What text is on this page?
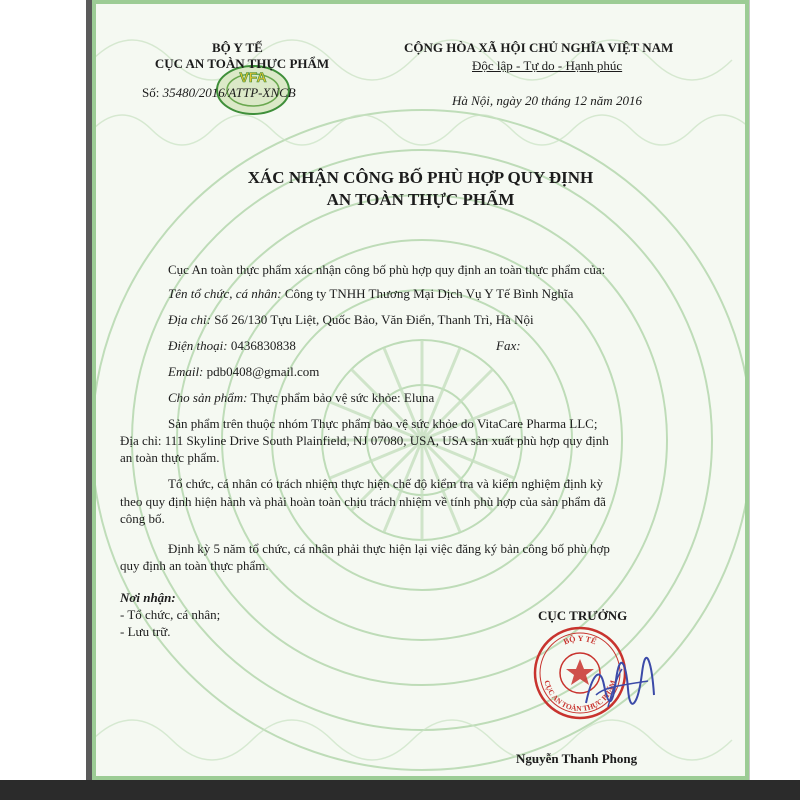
VFA
BỘ Y TẾ
CỤC AN TOÀN THỰC PHẨM
Số: 35480/2016/ATTP-XNCB
CỘNG HÒA XÃ HỘI CHỦ NGHĨA VIỆT NAM
Độc lập - Tự do - Hạnh phúc
Hà Nội, ngày 20 tháng 12 năm 2016
XÁC NHẬN CÔNG BỐ PHÙ HỢP QUY ĐỊNH
AN TOÀN THỰC PHẨM
Cục An toàn thực phẩm xác nhận công bố phù hợp quy định an toàn thực phẩm của:
Tên tổ chức, cá nhân: Công ty TNHH Thương Mại Dịch Vụ Y Tế Bình Nghĩa
Địa chỉ: Số 26/130 Tựu Liệt, Quốc Bảo, Văn Điển, Thanh Trì, Hà Nội
Điện thoại: 0436830838	Fax:
Email: pdb0408@gmail.com
Cho sản phẩm: Thực phẩm bảo vệ sức khỏe: Eluna
Sản phẩm trên thuộc nhóm Thực phẩm bảo vệ sức khỏe do VitaCare Pharma LLC;
Địa chỉ: 111 Skyline Drive South Plainfield, NJ 07080, USA, USA sản xuất phù hợp quy định
an toàn thực phẩm.
Tổ chức, cá nhân có trách nhiệm thực hiện chế độ kiểm tra và kiểm nghiệm định kỳ
theo quy định hiện hành và phải hoàn toàn chịu trách nhiệm về tính phù hợp của sản phẩm đã
công bố.
Định kỳ 5 năm tổ chức, cá nhân phải thực hiện lại việc đăng ký bản công bố phù hợp
quy định an toàn thực phẩm.
Nơi nhận:
- Tổ chức, cá nhân;
- Lưu trữ.
CỤC TRƯỞNG
Nguyễn Thanh Phong
BỘ Y TẾ
CỤC AN TOÀN THỰC PHẨM
